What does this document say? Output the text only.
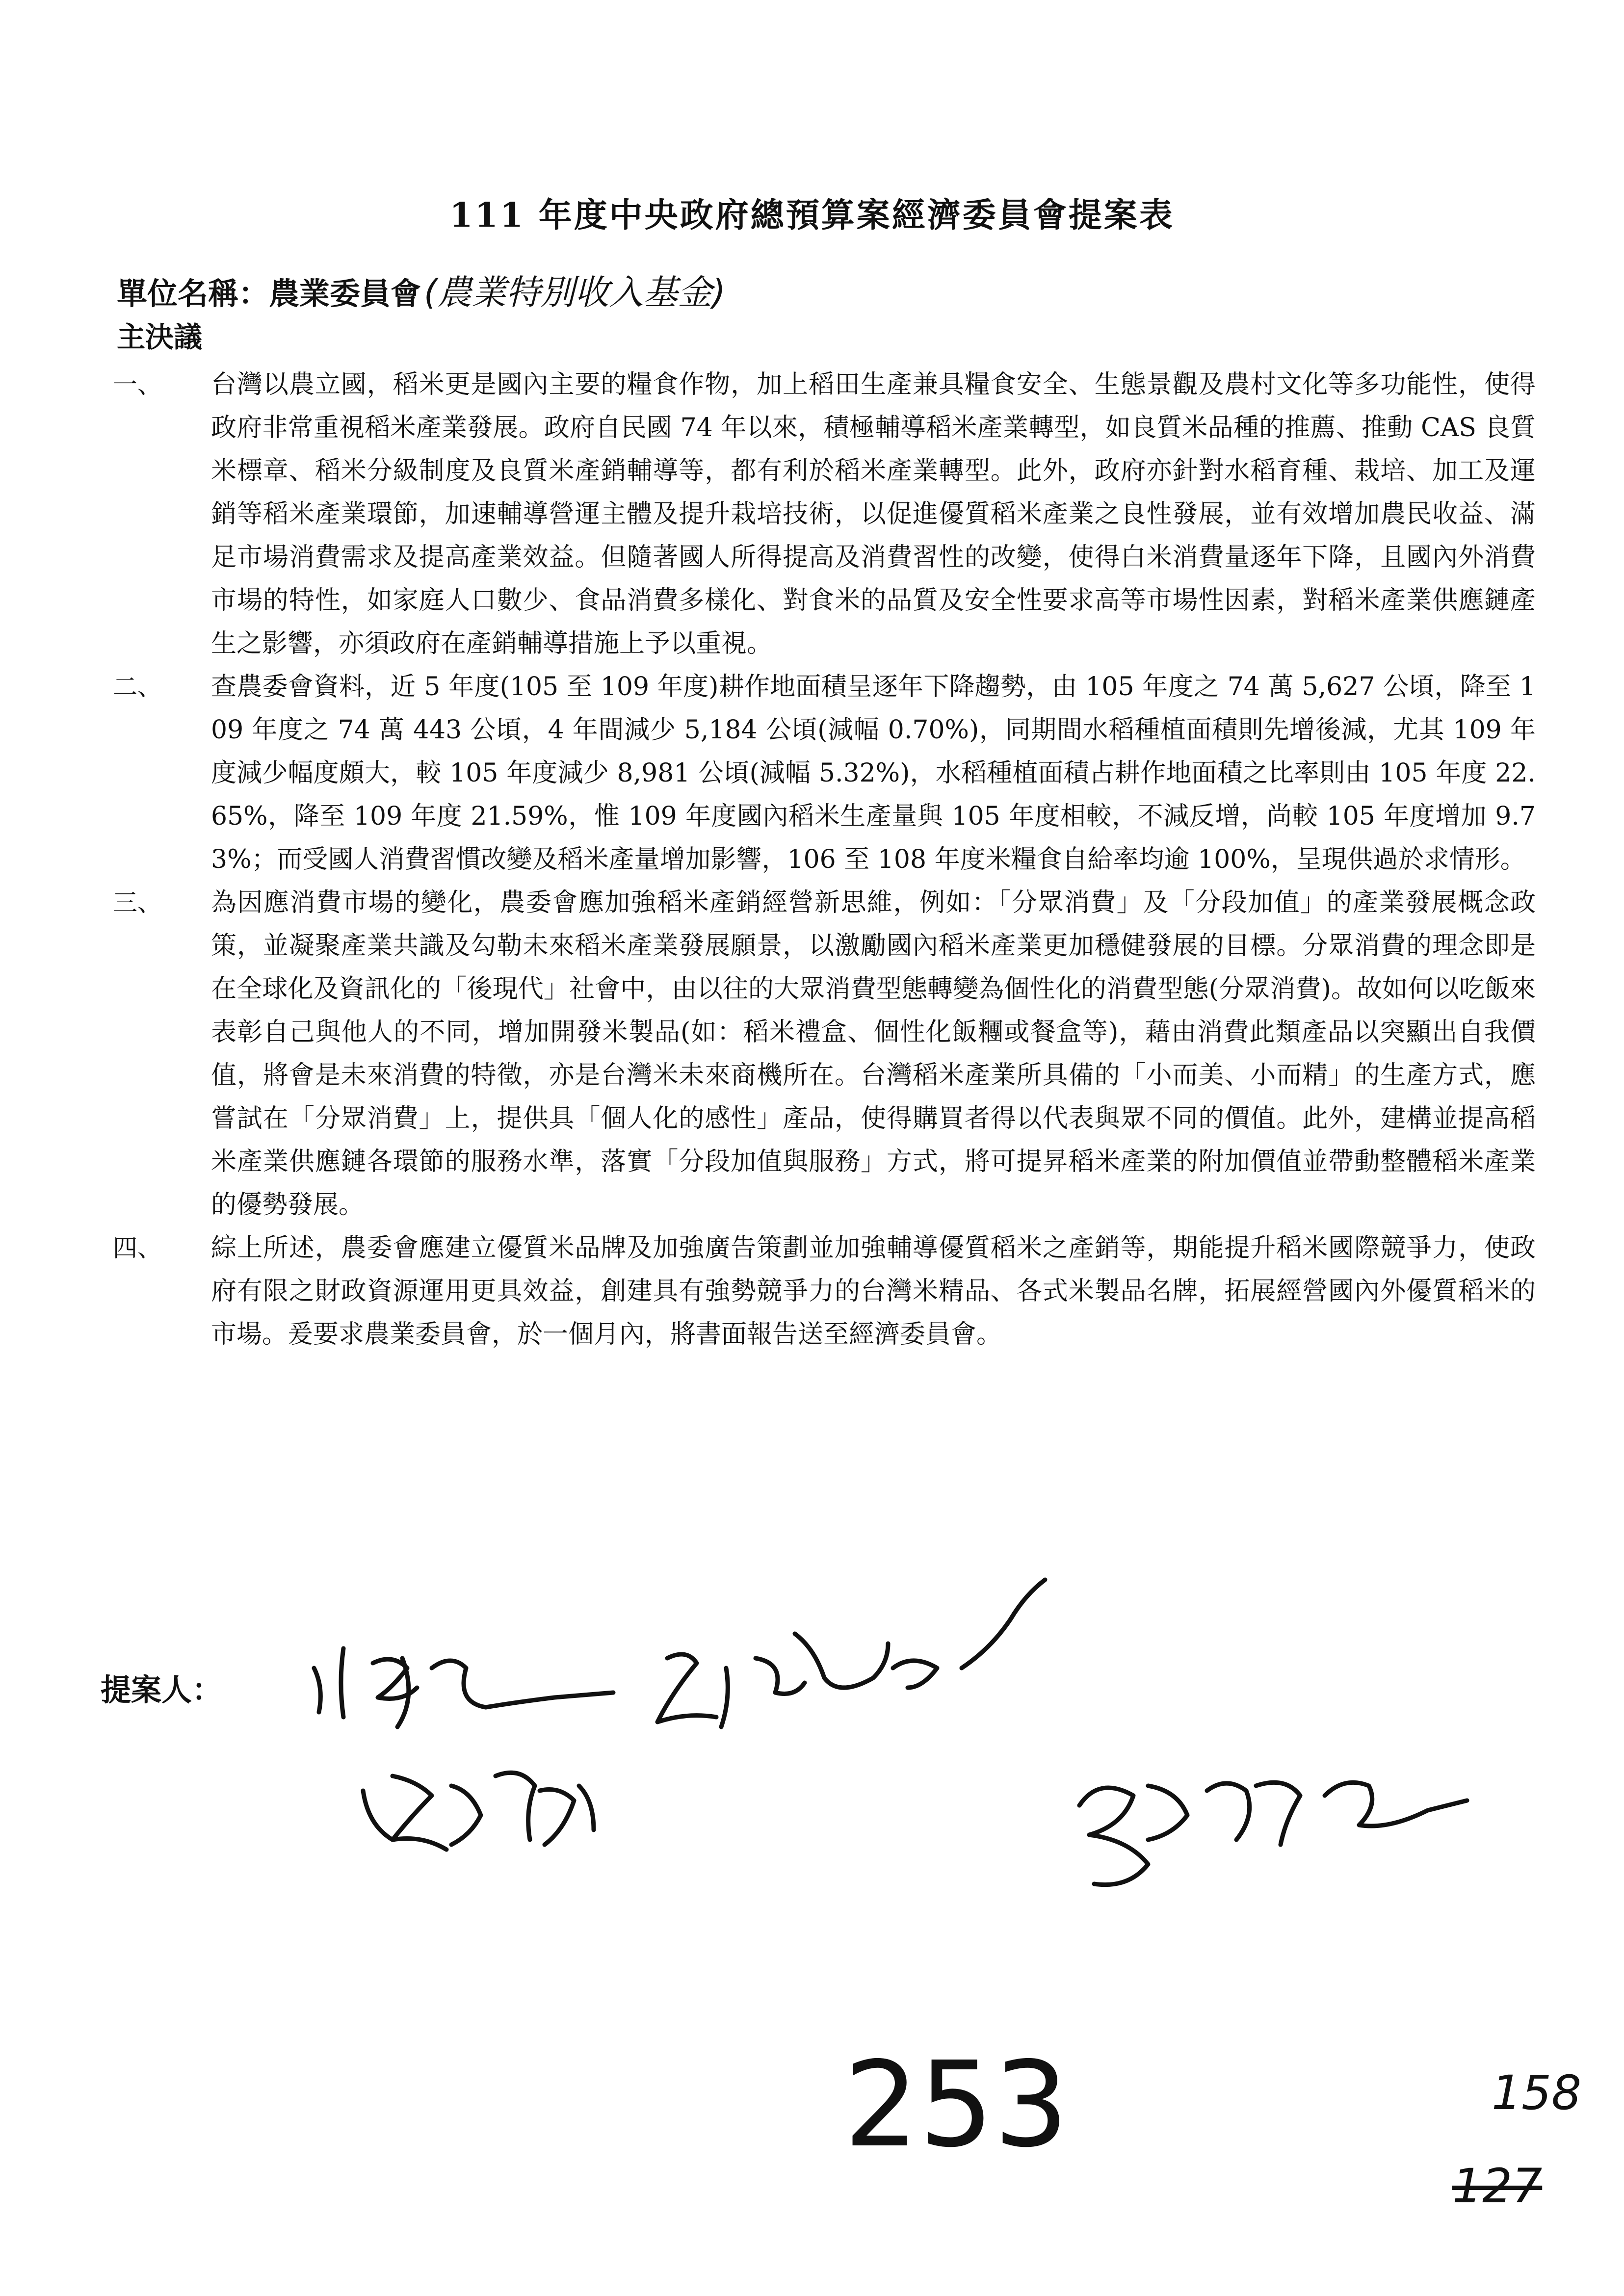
111 年度中央政府總預算案經濟委員會提案表
單位名稱：農業委員會(農業特別收入基金)
主決議
一、 台灣以農立國，稻米更是國內主要的糧食作物，加上稻田生產兼具糧食安全、生態景觀及農村文化等多功能性，使得政府非常重視稻米產業發展。政府自民國 74 年以來，積極輔導稻米產業轉型，如良質米品種的推薦、推動 CAS 良質米標章、稻米分級制度及良質米產銷輔導等，都有利於稻米產業轉型。此外，政府亦針對水稻育種、栽培、加工及運銷等稻米產業環節，加速輔導營運主體及提升栽培技術，以促進優質稻米產業之良性發展，並有效增加農民收益、滿足市場消費需求及提高產業效益。但隨著國人所得提高及消費習性的改變，使得白米消費量逐年下降，且國內外消費市場的特性，如家庭人口數少、食品消費多樣化、對食米的品質及安全性要求高等市場性因素，對稻米產業供應鏈產生之影響，亦須政府在產銷輔導措施上予以重視。
二、 查農委會資料，近 5 年度(105 至 109 年度)耕作地面積呈逐年下降趨勢，由 105 年度之 74 萬 5,627 公頃，降至 109 年度之 74 萬 443 公頃，4 年間減少 5,184 公頃(減幅 0.70%)，同期間水稻種植面積則先增後減，尤其 109 年度減少幅度頗大，較 105 年度減少 8,981 公頃(減幅 5.32%)，水稻種植面積占耕作地面積之比率則由 105 年度 22.65%，降至 109 年度 21.59%，惟 109 年度國內稻米生產量與 105 年度相較，不減反增，尚較 105 年度增加 9.73%；而受國人消費習慣改變及稻米產量增加影響，106 至 108 年度米糧食自給率均逾 100%，呈現供過於求情形。
三、 為因應消費市場的變化，農委會應加強稻米產銷經營新思維，例如：「分眾消費」及「分段加值」的產業發展概念政策，並凝聚產業共識及勾勒未來稻米產業發展願景，以激勵國內稻米產業更加穩健發展的目標。分眾消費的理念即是在全球化及資訊化的「後現代」社會中，由以往的大眾消費型態轉變為個性化的消費型態(分眾消費)。故如何以吃飯來表彰自己與他人的不同，增加開發米製品(如：稻米禮盒、個性化飯糰或餐盒等)，藉由消費此類產品以突顯出自我價值，將會是未來消費的特徵，亦是台灣米未來商機所在。台灣稻米產業所具備的「小而美、小而精」的生產方式，應嘗試在「分眾消費」上，提供具「個人化的感性」產品，使得購買者得以代表與眾不同的價值。此外，建構並提高稻米產業供應鏈各環節的服務水準，落實「分段加值與服務」方式，將可提昇稻米產業的附加價值並帶動整體稻米產業的優勢發展。
四、 綜上所述，農委會應建立優質米品牌及加強廣告策劃並加強輔導優質稻米之產銷等，期能提升稻米國際競爭力，使政府有限之財政資源運用更具效益，創建具有強勢競爭力的台灣米精品、各式米製品名牌，拓展經營國內外優質稻米的市場。爰要求農業委員會，於一個月內，將書面報告送至經濟委員會。
提案人：
253	158
127
